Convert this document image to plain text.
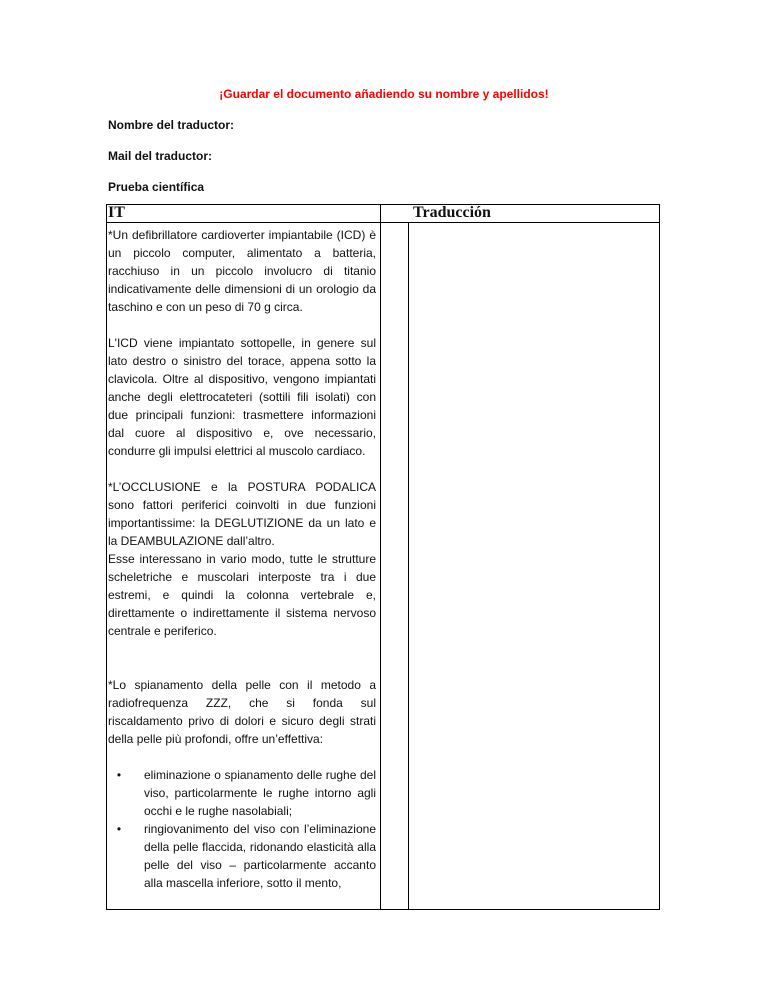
¡Guardar el documento añadiendo su nombre y apellidos!
Nombre del traductor:
Mail del traductor:
Prueba científica
IT	Traducción

*Un defibrillatore cardioverter impiantabile (ICD) è un piccolo computer, alimentato a batteria, racchiuso in un piccolo involucro di titanio indicativamente delle dimensioni di un orologio da taschino e con un peso di 70 g circa.

L'ICD viene impiantato sottopelle, in genere sul lato destro o sinistro del torace, appena sotto la clavicola. Oltre al dispositivo, vengono impiantati anche degli elettrocateteri (sottili fili isolati) con due principali funzioni: trasmettere informazioni dal cuore al dispositivo e, ove necessario, condurre gli impulsi elettrici al muscolo cardiaco.

*L’OCCLUSIONE e la POSTURA PODALICA sono fattori periferici coinvolti in due funzioni importantissime: la DEGLUTIZIONE da un lato e la DEAMBULAZIONE dall’altro.

Esse interessano in vario modo, tutte le strutture scheletriche e muscolari interposte tra i due estremi, e quindi la colonna vertebrale e, direttamente o indirettamente il sistema nervoso centrale e periferico.

*Lo spianamento della pelle con il metodo a radiofrequenza ZZZ, che si fonda sul riscaldamento privo di dolori e sicuro degli strati della pelle più profondi, offre un’effettiva:

• eliminazione o spianamento delle rughe del viso, particolarmente le rughe intorno agli occhi e le rughe nasolabiali;
• ringiovanimento del viso con l’eliminazione della pelle flaccida, ridonando elasticità alla pelle del viso – particolarmente accanto alla mascella inferiore, sotto il mento,
